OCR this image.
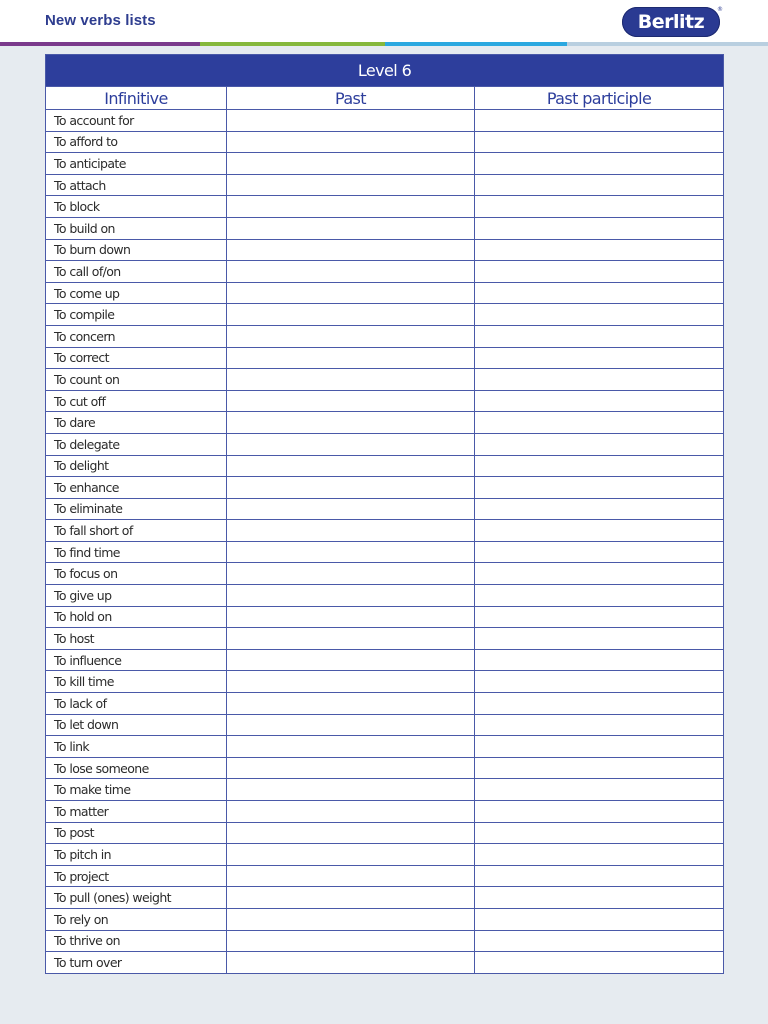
New verbs lists	Berlitz
®
Level 6		
Infinitive	Past	Past participle
To account for		
To afford to		
To anticipate		
To attach		
To block		
To build on		
To burn down		
To call of/on		
To come up		
To compile		
To concern		
To correct		
To count on		
To cut off		
To dare		
To delegate		
To delight		
To enhance		
To eliminate		
To fall short of		
To find time		
To focus on		
To give up		
To hold on		
To host		
To influence		
To kill time		
To lack of		
To let down		
To link		
To lose someone		
To make time		
To matter		
To post		
To pitch in		
To project		
To pull (ones) weight		
To rely on		
To thrive on		
To turn over		
